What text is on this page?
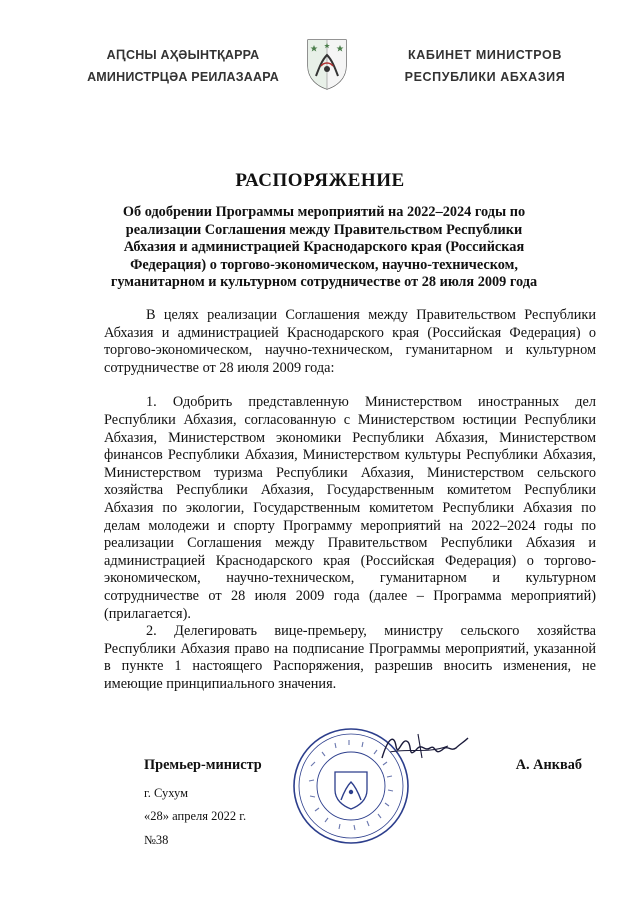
АԤСНЫ АҲӘЫНТҚАРРА
АМИНИСТРЦӘА РЕИЛАЗААРА
КАБИНЕТ МИНИСТРОВ
РЕСПУБЛИКИ АБХАЗИЯ
РАСПОРЯЖЕНИЕ
Об одобрении Программы мероприятий на 2022–2024 годы по реализации Соглашения между Правительством Республики Абхазия и администрацией Краснодарского края (Российская Федерация) о торгово-экономическом, научно-техническом, гуманитарном и культурном сотрудничестве от 28 июля 2009 года

В целях реализации Соглашения между Правительством Республики Абхазия и администрацией Краснодарского края (Российская Федерация) о торгово-экономическом, научно-техническом, гуманитарном и культурном сотрудничестве от 28 июля 2009 года:

1. Одобрить представленную Министерством иностранных дел Республики Абхазия, согласованную с Министерством юстиции Республики Абхазия, Министерством экономики Республики Абхазия, Министерством финансов Республики Абхазия, Министерством культуры Республики Абхазия, Министерством туризма Республики Абхазия, Министерством сельского хозяйства Республики Абхазия, Государственным комитетом Республики Абхазия по экологии, Государственным комитетом Республики Абхазия по делам молодежи и спорту Программу мероприятий на 2022–2024 годы по реализации Соглашения между Правительством Республики Абхазия и администрацией Краснодарского края (Российская Федерация) о торгово-экономическом, научно-техническом, гуманитарном и культурном сотрудничестве от 28 июля 2009 года (далее – Программа мероприятий) (прилагается).

2. Делегировать вице-премьеру, министру сельского хозяйства Республики Абхазия право на подписание Программы мероприятий, указанной в пункте 1 настоящего Распоряжения, разрешив вносить изменения, не имеющие принципиального значения.

Премьер-министр	А. Анкваб
г. Сухум
«28» апреля 2022 г.
№38
